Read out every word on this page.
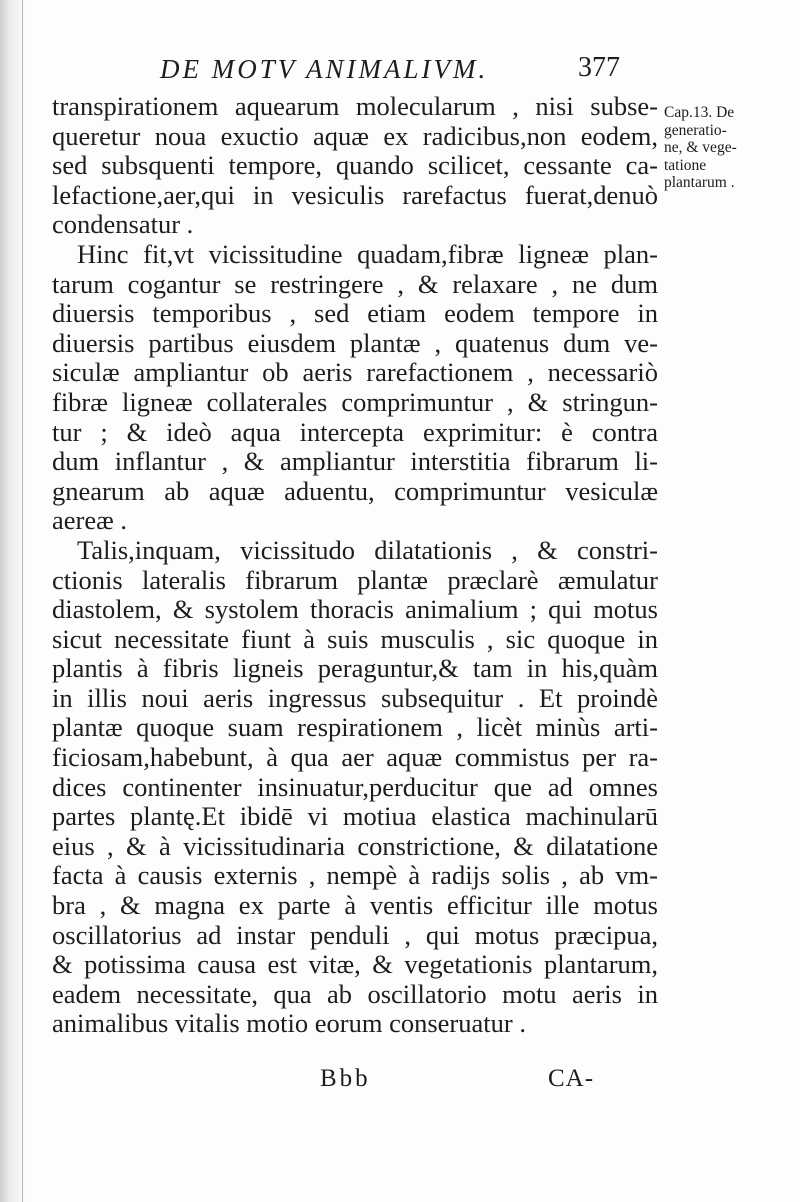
DE MOTV ANIMALIVM.	377
Cap.13. De
generatio-
ne, & vege-
tatione
plantarum .
transpirationem aquearum molecularum , nisi subse-
queretur noua exuctio aquæ ex radicibus,non eodem,
sed subsquenti tempore, quando scilicet, cessante ca-
lefactione,aer,qui in vesiculis rarefactus fuerat,denuò
condensatur .
Hinc fit,vt vicissitudine quadam,fibræ ligneæ plan-
tarum cogantur se restringere , & relaxare , ne dum
diuersis temporibus , sed etiam eodem tempore in
diuersis partibus eiusdem plantæ , quatenus dum ve-
siculæ ampliantur ob aeris rarefactionem , necessariò
fibræ ligneæ collaterales comprimuntur , & stringun-
tur ; & ideò aqua intercepta exprimitur: è contra
dum inflantur , & ampliantur interstitia fibrarum li-
gnearum ab aquæ aduentu, comprimuntur vesiculæ
aereæ .
Talis,inquam, vicissitudo dilatationis , & constri-
ctionis lateralis fibrarum plantæ præclarè æmulatur
diastolem, & systolem thoracis animalium ; qui motus
sicut necessitate fiunt à suis musculis , sic quoque in
plantis à fibris ligneis peraguntur,& tam in his,quàm
in illis noui aeris ingressus subsequitur . Et proindè
plantæ quoque suam respirationem , licèt minùs arti-
ficiosam,habebunt, à qua aer aquæ commistus per ra-
dices continenter insinuatur,perducitur que ad omnes
partes plantę.Et ibidē vi motiua elastica machinularū
eius , & à vicissitudinaria constrictione, & dilatatione
facta à causis externis , nempè à radijs solis , ab vm-
bra , & magna ex parte à ventis efficitur ille motus
oscillatorius ad instar penduli , qui motus præcipua,
& potissima causa est vitæ, & vegetationis plantarum,
eadem necessitate, qua ab oscillatorio motu aeris in
animalibus vitalis motio eorum conseruatur .
Bbb	CA-
